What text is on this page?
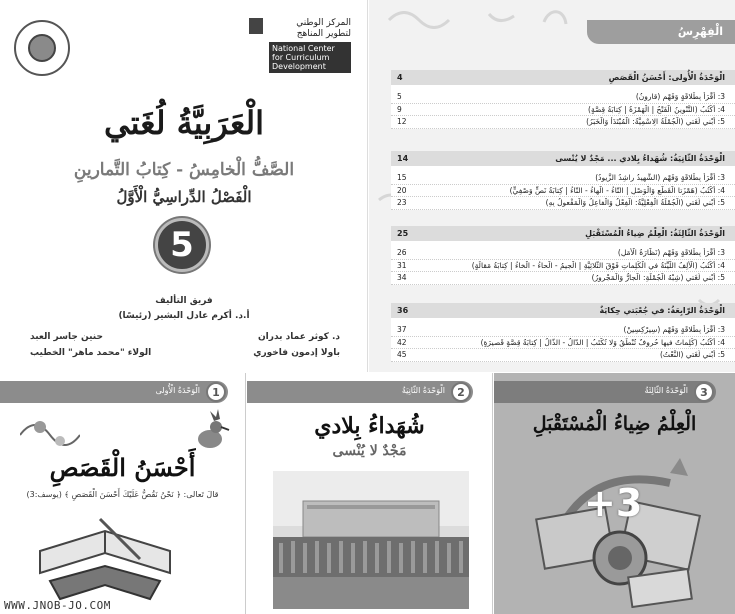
المركز الوطني لتطوير المناهج
National Center for Curriculum Development
الْعَرَبِيَّةُ لُغَتي
الصَّفُّ الْخامِسُ - كِتابُ التَّمارينِ
الْفَصْلُ الدِّراسِيُّ الْأَوَّلُ
5
فريق التأليف
أ.د. أكرم عادل البشير (رئيسًا)
د. كوثر عماد بدران
حنين جاسر العبد
باولا إدمون فاخوري
الولاء "محمد ماهر" الخطيب
الْفِهْرِسُ
4	الْوَحْدَةُ الْأُولى: أَحْسَنُ الْقَصَصِ
5	3: أَقْرَأُ بِطَلاقَةٍ وَفَهْمٍ (قارونُ)
9	4: أَكْتُبُ (التَّنْوينُ الْفَتْحُ | الْهَمْزَةُ | كِتابَةُ قِصَّةٍ)
12	5: أَبْني لُغَتي (الْجُمْلَةُ الِاسْمِيَّةُ: الْمُبْتَدَأُ وَالْخَبَرُ)
14	الْوَحْدَةُ الثّانِيَةُ: شُهَداءُ بِلادي ... مَجْدٌ لا يُنْسى
15	3: أَقْرَأُ بِطَلاقَةٍ وَفَهْمٍ (الشَّهيدُ راشِدُ الزَّيودُ)
20	4: أَكْتُبُ (هَمْزَتا الْقَطْعِ وَالْوَصْلِ | التّاءُ - الْهاءُ - التّاءُ | كِتابَةُ نَصٍّ وَصْفِيٍّ)
23	5: أَبْني لُغَتي (الْجُمْلَةُ الْفِعْلِيَّةُ: الْفِعْلُ وَالْفاعِلُ وَالْمَفْعولُ بِهِ)
25	الْوَحْدَةُ الثّالِثَةُ: الْعِلْمُ ضِياءُ الْمُسْتَقْبَلِ
26	3: أَقْرَأُ بِطَلاقَةٍ وَفَهْمٍ (نَظّارَةُ الْأَمَلِ)
31	4: أَكْتُبُ (الْأَلِفُ اللَّيِّنَةُ في الْكَلِماتِ فَوْقَ الثُّلاثِيَّةِ | الْجيمُ - الْحاءُ - الْخاءُ | كِتابَةُ مَقالَةٍ)
34	5: أَبْني لُغَتي (شِبْهُ الْجُمْلَةِ: الْجارُّ وَالْمَجْرورُ)
36	الْوَحْدَةُ الرّابِعَةُ: في جُعْبَتي حِكايَةٌ
37	3: أَقْرَأُ بِطَلاقَةٍ وَفَهْمٍ (سِيرْكِسِينْ)
42	4: أَكْتُبُ (كَلِماتٌ فيها حُروفٌ تُنْطَقُ وَلا تُكْتَبُ | الدّالُ - الذّالُ | كِتابَةُ قِصَّةٍ قَصيرَةٍ)
45	5: أَبْني لُغَتي (النَّعْتُ)
الْوَحْدَةُ الْأُولى	1
أَحْسَنُ الْقَصَصِ
قالَ تَعالى: ﴿ نَحْنُ نَقُصُّ عَلَيْكَ أَحْسَنَ الْقَصَصِ ﴾ (يوسف:3)
WWW.JNOB-JO.COM
الْوَحْدَةُ الثّانِيَةُ	2
شُهَداءُ بِلادي
مَجْدٌ لا يُنْسى
الْوَحْدَةُ الثّالِثَةُ	3
الْعِلْمُ ضِياءُ الْمُسْتَقْبَلِ
+3
